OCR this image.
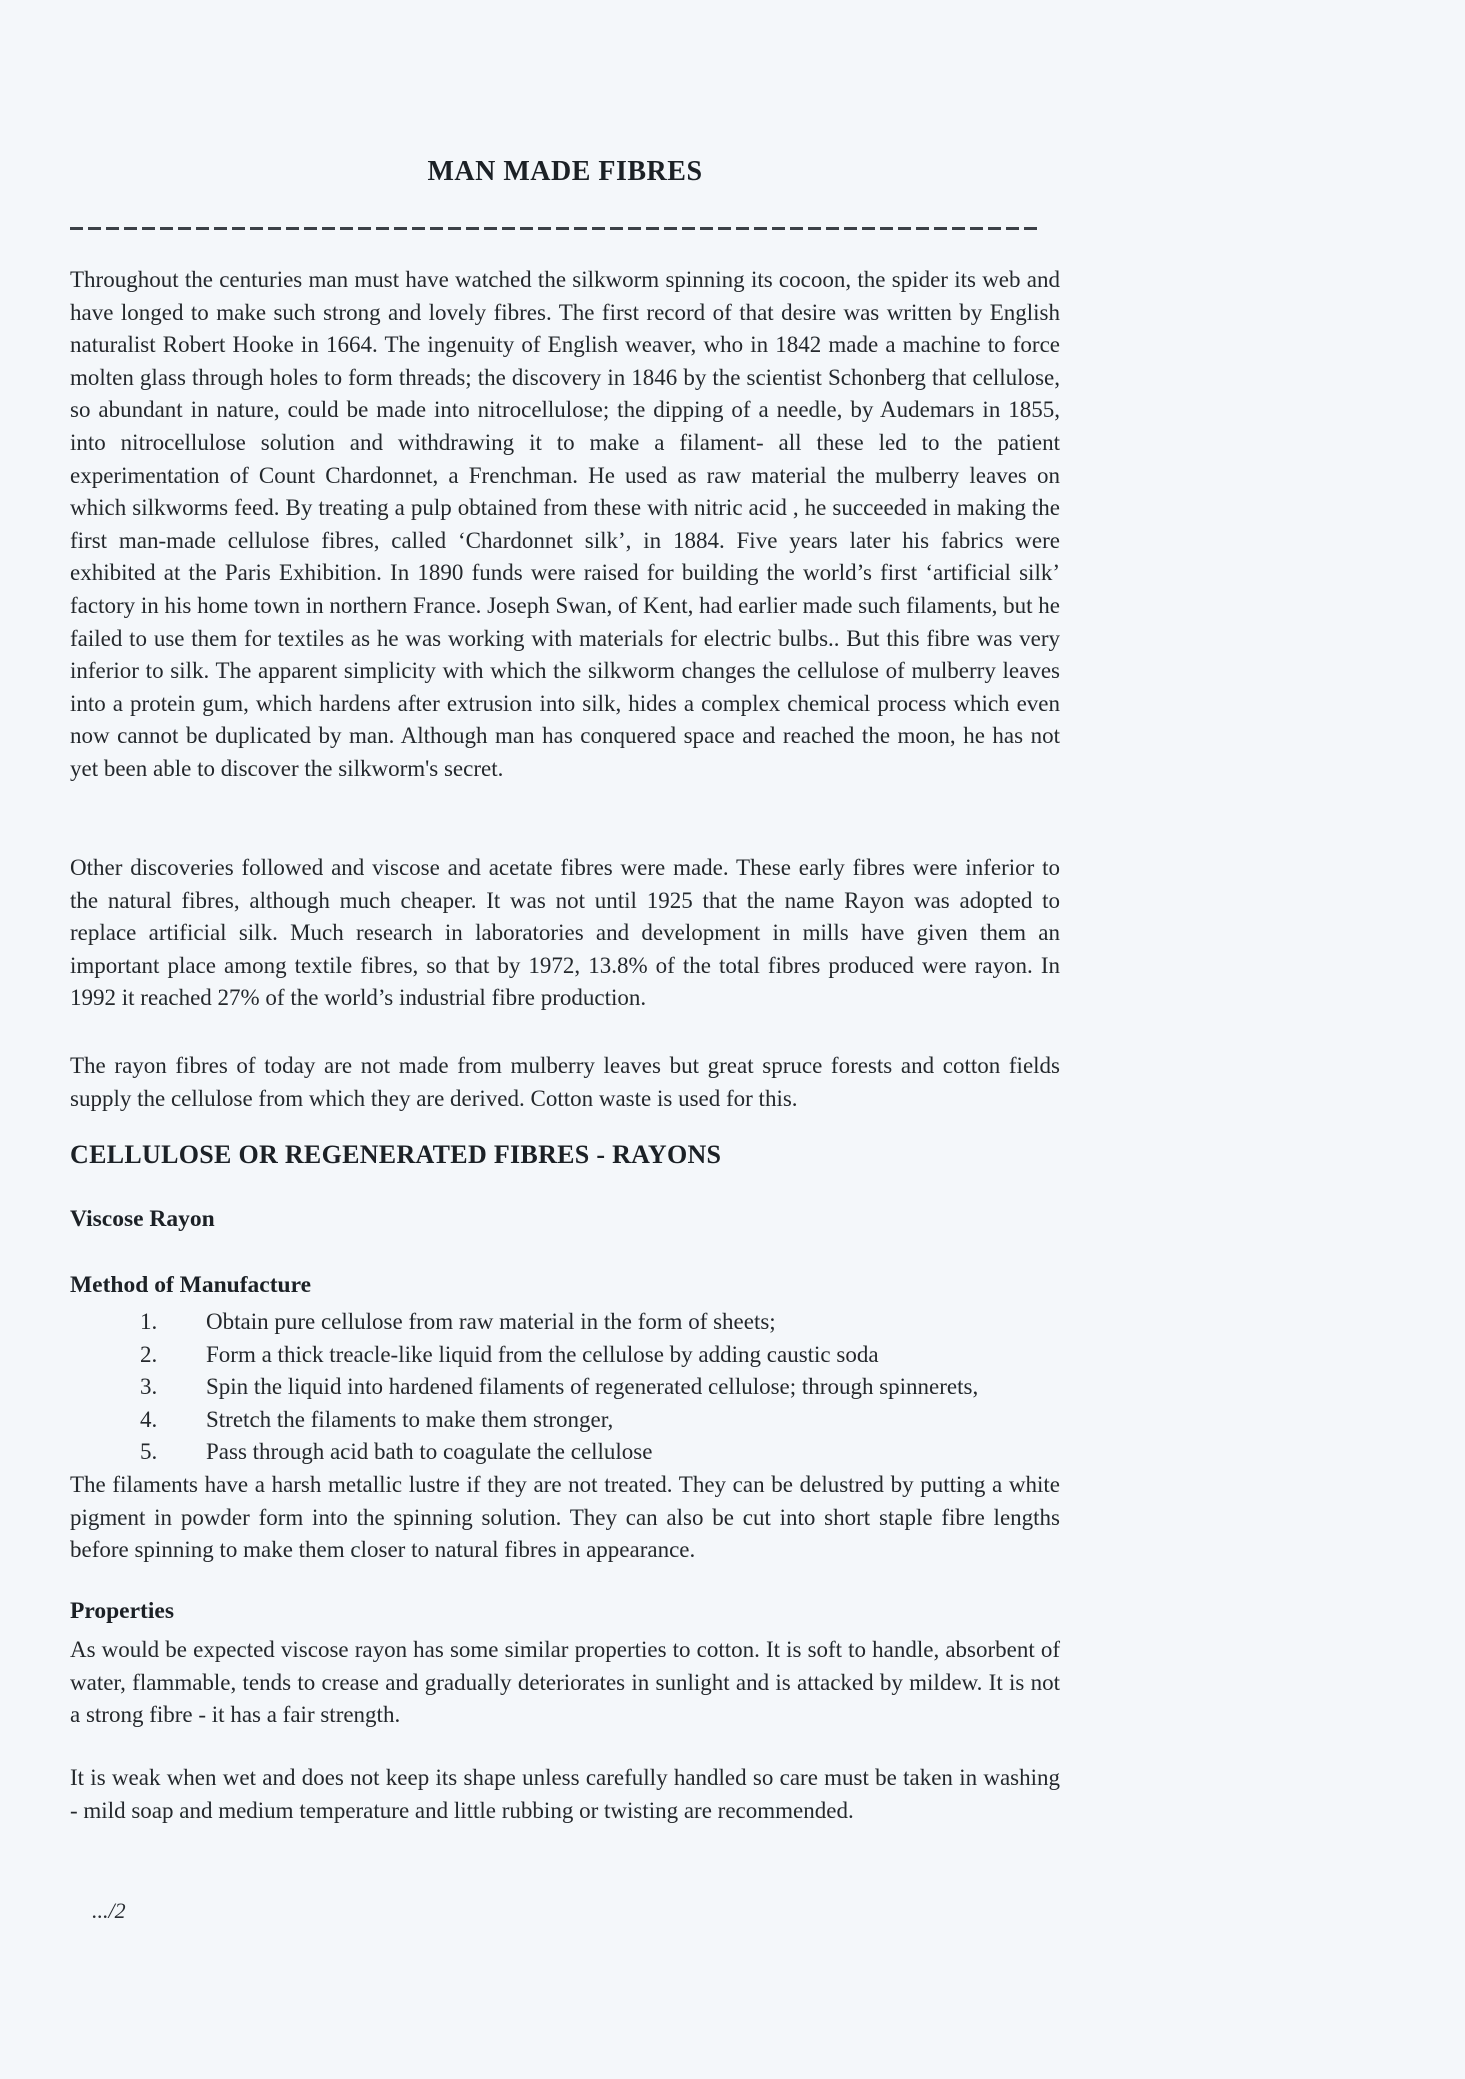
MAN MADE FIBRES

Throughout the centuries man must have watched the silkworm spinning its cocoon, the spider its web and have longed to make such strong and lovely fibres. The first record of that desire was written by English naturalist Robert Hooke in 1664. The ingenuity of English weaver, who in 1842 made a machine to force molten glass through holes to form threads; the discovery in 1846 by the scientist Schonberg that cellulose, so abundant in nature, could be made into nitrocellulose; the dipping of a needle, by Audemars in 1855, into nitrocellulose solution and withdrawing it to make a filament- all these led to the patient experimentation of Count Chardonnet, a Frenchman. He used as raw material the mulberry leaves on which silkworms feed. By treating a pulp obtained from these with nitric acid , he succeeded in making the first man-made cellulose fibres, called ‘Chardonnet silk’, in 1884. Five years later his fabrics were exhibited at the Paris Exhibition. In 1890 funds were raised for building the world’s first ‘artificial silk’ factory in his home town in northern France. Joseph Swan, of Kent, had earlier made such filaments, but he failed to use them for textiles as he was working with materials for electric bulbs.. But this fibre was very inferior to silk. The apparent simplicity with which the silkworm changes the cellulose of mulberry leaves into a protein gum, which hardens after extrusion into silk, hides a complex chemical process which even now cannot be duplicated by man. Although man has conquered space and reached the moon, he has not yet been able to discover the silkworm's secret.

Other discoveries followed and viscose and acetate fibres were made. These early fibres were inferior to the natural fibres, although much cheaper. It was not until 1925 that the name Rayon was adopted to replace artificial silk. Much research in laboratories and development in mills have given them an important place among textile fibres, so that by 1972, 13.8% of the total fibres produced were rayon. In 1992 it reached 27% of the world’s industrial fibre production.

The rayon fibres of today are not made from mulberry leaves but great spruce forests and cotton fields supply the cellulose from which they are derived. Cotton waste is used for this.

CELLULOSE OR REGENERATED FIBRES - RAYONS
Viscose Rayon
Method of Manufacture
1. Obtain pure cellulose from raw material in the form of sheets;
2. Form a thick treacle-like liquid from the cellulose by adding caustic soda
3. Spin the liquid into hardened filaments of regenerated cellulose; through spinnerets,
4. Stretch the filaments to make them stronger,
5. Pass through acid bath to coagulate the cellulose

The filaments have a harsh metallic lustre if they are not treated. They can be delustred by putting a white pigment in powder form into the spinning solution. They can also be cut into short staple fibre lengths before spinning to make them closer to natural fibres in appearance.

Properties

As would be expected viscose rayon has some similar properties to cotton. It is soft to handle, absorbent of water, flammable, tends to crease and gradually deteriorates in sunlight and is attacked by mildew. It is not a strong fibre - it has a fair strength.

It is weak when wet and does not keep its shape unless carefully handled so care must be taken in washing - mild soap and medium temperature and little rubbing or twisting are recommended.

.../2
